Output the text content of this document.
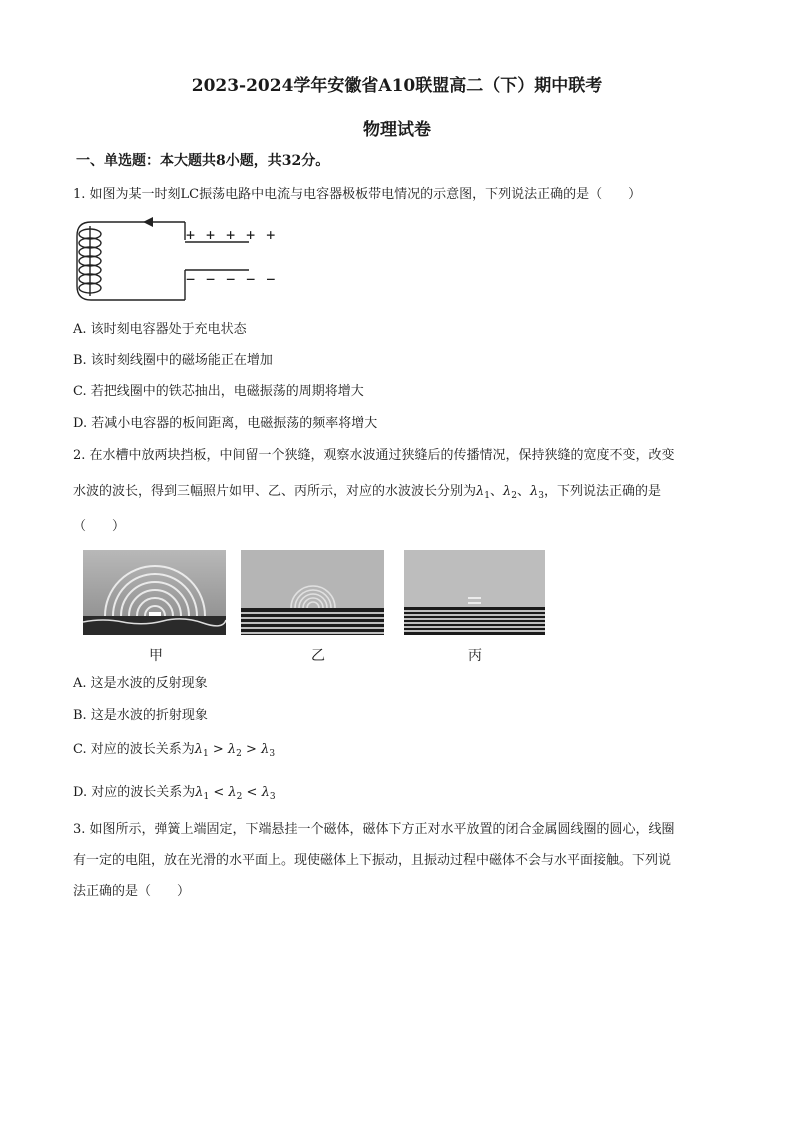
2023-2024学年安徽省A10联盟高二（下）期中联考
物理试卷
一、单选题：本大题共8小题，共32分。
1. 如图为某一时刻LC振荡电路中电流与电容器极板带电情况的示意图，下列说法正确的是（　　）
+ + + + +
− − − − −
A. 该时刻电容器处于充电状态
B. 该时刻线圈中的磁场能正在增加
C. 若把线圈中的铁芯抽出，电磁振荡的周期将增大
D. 若减小电容器的板间距离，电磁振荡的频率将增大
2. 在水槽中放两块挡板，中间留一个狭缝，观察水波通过狭缝后的传播情况，保持狭缝的宽度不变，改变
水波的波长，得到三幅照片如甲、乙、丙所示，对应的水波波长分别为$\lambda_1$、$\lambda_2$、$\lambda_3$，下列说法正确的是
（　　）
甲	乙	丙
A. 这是水波的反射现象
B. 这是水波的折射现象
C. 对应的波长关系为$\lambda_1 > \lambda_2 > \lambda_3$
D. 对应的波长关系为$\lambda_1 < \lambda_2 < \lambda_3$
3. 如图所示，弹簧上端固定，下端悬挂一个磁体，磁体下方正对水平放置的闭合金属圆线圈的圆心，线圈
有一定的电阻，放在光滑的水平面上。现使磁体上下振动，且振动过程中磁体不会与水平面接触。下列说
法正确的是（　　）
